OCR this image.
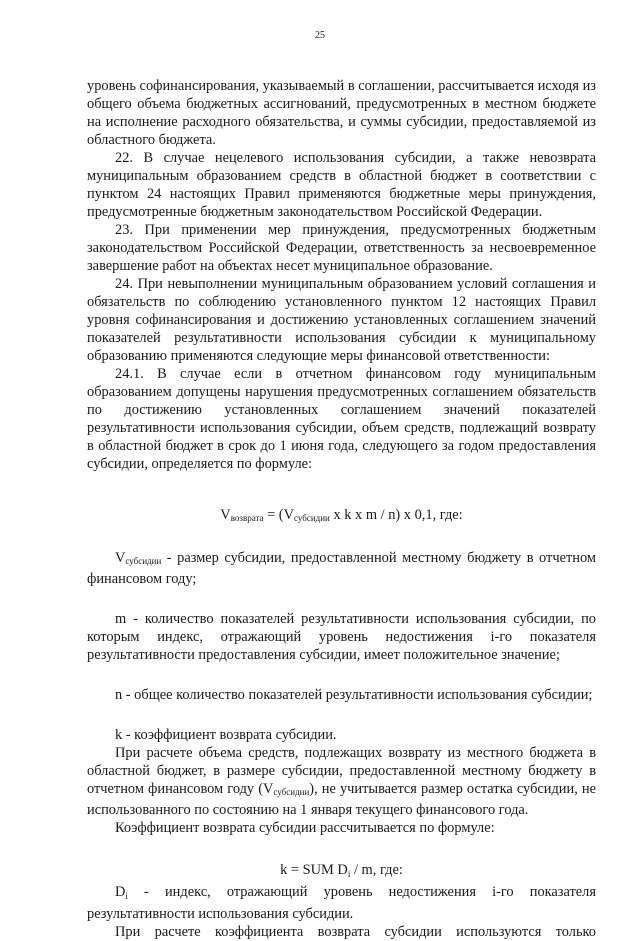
25
уровень софинансирования, указываемый в соглашении, рассчитывается исходя из общего объема бюджетных ассигнований, предусмотренных в местном бюджете на исполнение расходного обязательства, и суммы субсидии, предоставляемой из областного бюджета.
22. В случае нецелевого использования субсидии, а также невозврата муниципальным образованием средств в областной бюджет в соответствии с пунктом 24 настоящих Правил применяются бюджетные меры принуждения, предусмотренные бюджетным законодательством Российской Федерации.
23. При применении мер принуждения, предусмотренных бюджетным законодательством Российской Федерации, ответственность за несвоевременное завершение работ на объектах несет муниципальное образование.
24. При невыполнении муниципальным образованием условий соглашения и обязательств по соблюдению установленного пунктом 12 настоящих Правил уровня софинансирования и достижению установленных соглашением значений показателей результативности использования субсидии к муниципальному образованию применяются следующие меры финансовой ответственности:
24.1. В случае если в отчетном финансовом году муниципальным образованием допущены нарушения предусмотренных соглашением обязательств по достижению установленных соглашением значений показателей результативности использования субсидии, объем средств, подлежащий возврату в областной бюджет в срок до 1 июня года, следующего за годом предоставления субсидии, определяется по формуле:
$V_{возврата} = (V_{субсидии}$ x k x m / n) x 0,1, где:
$V_{субсидии}$ - размер субсидии, предоставленной местному бюджету в отчетном финансовом году;
m - количество показателей результативности использования субсидии, по которым индекс, отражающий уровень недостижения i-го показателя результативности предоставления субсидии, имеет положительное значение;
n - общее количество показателей результативности использования субсидии;
k - коэффициент возврата субсидии.
При расчете объема средств, подлежащих возврату из местного бюджета в областной бюджет, в размере субсидии, предоставленной местному бюджету в отчетном финансовом году $(V_{субсидии})$, не учитывается размер остатка субсидии, не использованного по состоянию на 1 января текущего финансового года.
Коэффициент возврата субсидии рассчитывается по формуле:
k = SUM $D_i$ / m, где:
$D_i$ - индекс, отражающий уровень недостижения i-го показателя результативности использования субсидии.
При расчете коэффициента возврата субсидии используются только
